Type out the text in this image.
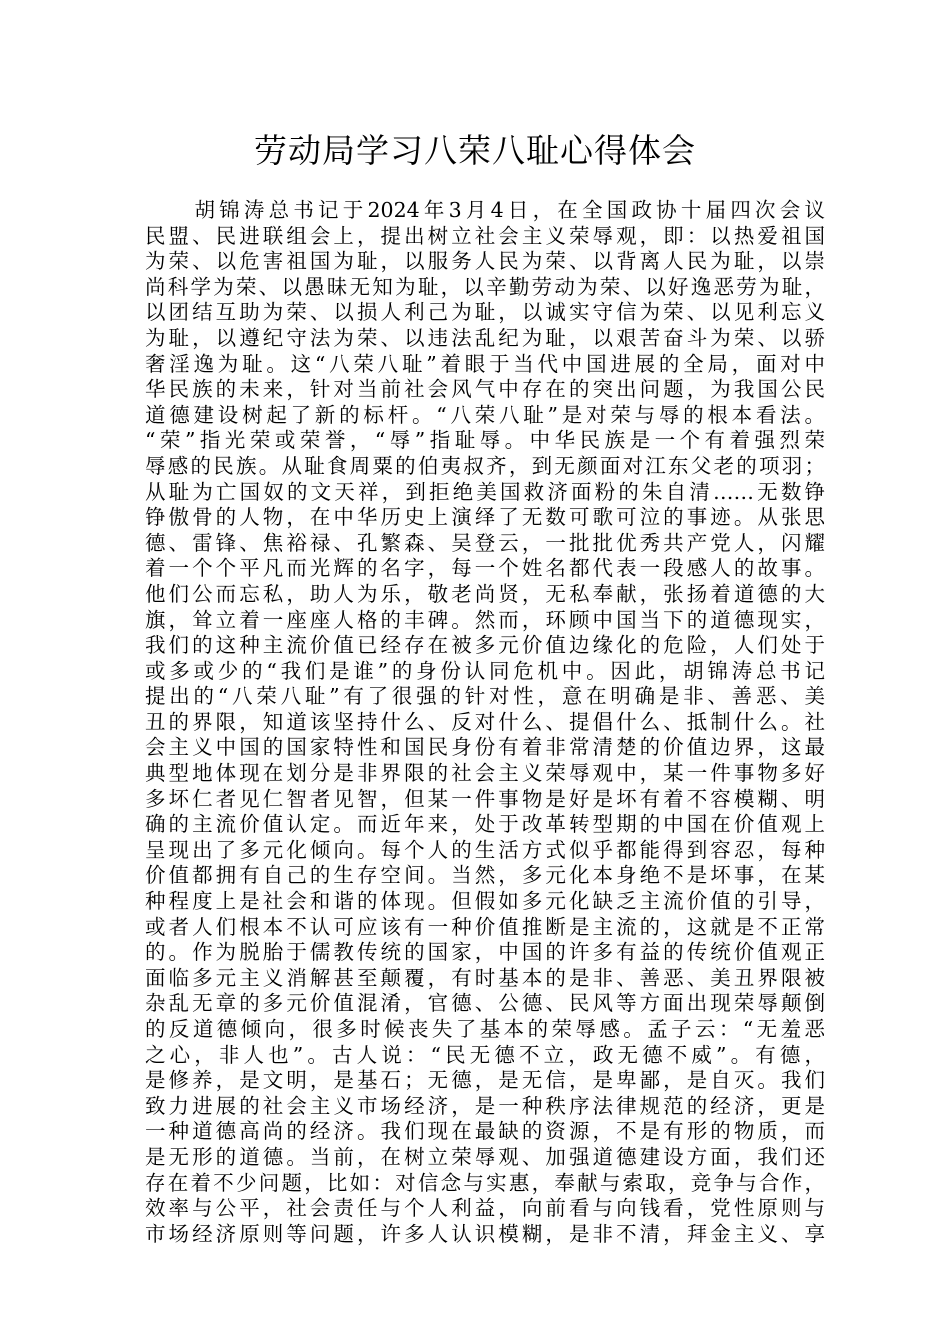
劳动局学习八荣八耻心得体会
　　胡锦涛总书记于2024年3月4日，在全国政协十届四次会议
民盟、民进联组会上，提出树立社会主义荣辱观，即：以热爱祖国
为荣、以危害祖国为耻，以服务人民为荣、以背离人民为耻，以崇
尚科学为荣、以愚昧无知为耻，以辛勤劳动为荣、以好逸恶劳为耻，
以团结互助为荣、以损人利己为耻，以诚实守信为荣、以见利忘义
为耻，以遵纪守法为荣、以违法乱纪为耻，以艰苦奋斗为荣、以骄
奢淫逸为耻。这“八荣八耻”着眼于当代中国进展的全局，面对中
华民族的未来，针对当前社会风气中存在的突出问题，为我国公民
道德建设树起了新的标杆。“八荣八耻”是对荣与辱的根本看法。
“荣”指光荣或荣誉，“辱”指耻辱。中华民族是一个有着强烈荣
辱感的民族。从耻食周粟的伯夷叔齐，到无颜面对江东父老的项羽；
从耻为亡国奴的文天祥，到拒绝美国救济面粉的朱自清……无数铮
铮傲骨的人物，在中华历史上演绎了无数可歌可泣的事迹。从张思
德、雷锋、焦裕禄、孔繁森、吴登云，一批批优秀共产党人，闪耀
着一个个平凡而光辉的名字，每一个姓名都代表一段感人的故事。
他们公而忘私，助人为乐，敬老尚贤，无私奉献，张扬着道德的大
旗，耸立着一座座人格的丰碑。然而，环顾中国当下的道德现实，
我们的这种主流价值已经存在被多元价值边缘化的危险，人们处于
或多或少的“我们是谁”的身份认同危机中。因此，胡锦涛总书记
提出的“八荣八耻”有了很强的针对性，意在明确是非、善恶、美
丑的界限，知道该坚持什么、反对什么、提倡什么、抵制什么。社
会主义中国的国家特性和国民身份有着非常清楚的价值边界，这最
典型地体现在划分是非界限的社会主义荣辱观中，某一件事物多好
多坏仁者见仁智者见智，但某一件事物是好是坏有着不容模糊、明
确的主流价值认定。而近年来，处于改革转型期的中国在价值观上
呈现出了多元化倾向。每个人的生活方式似乎都能得到容忍，每种
价值都拥有自己的生存空间。当然，多元化本身绝不是坏事，在某
种程度上是社会和谐的体现。但假如多元化缺乏主流价值的引导，
或者人们根本不认可应该有一种价值推断是主流的，这就是不正常
的。作为脱胎于儒教传统的国家，中国的许多有益的传统价值观正
面临多元主义消解甚至颠覆，有时基本的是非、善恶、美丑界限被
杂乱无章的多元价值混淆，官德、公德、民风等方面出现荣辱颠倒
的反道德倾向，很多时候丧失了基本的荣辱感。孟子云：“无羞恶
之心，非人也”。古人说：“民无德不立，政无德不威”。有德，
是修养，是文明，是基石；无德，是无信，是卑鄙，是自灭。我们
致力进展的社会主义市场经济，是一种秩序法律规范的经济，更是
一种道德高尚的经济。我们现在最缺的资源，不是有形的物质，而
是无形的道德。当前，在树立荣辱观、加强道德建设方面，我们还
存在着不少问题，比如：对信念与实惠，奉献与索取，竞争与合作，
效率与公平，社会责任与个人利益，向前看与向钱看，党性原则与
市场经济原则等问题，许多人认识模糊，是非不清，拜金主义、享
